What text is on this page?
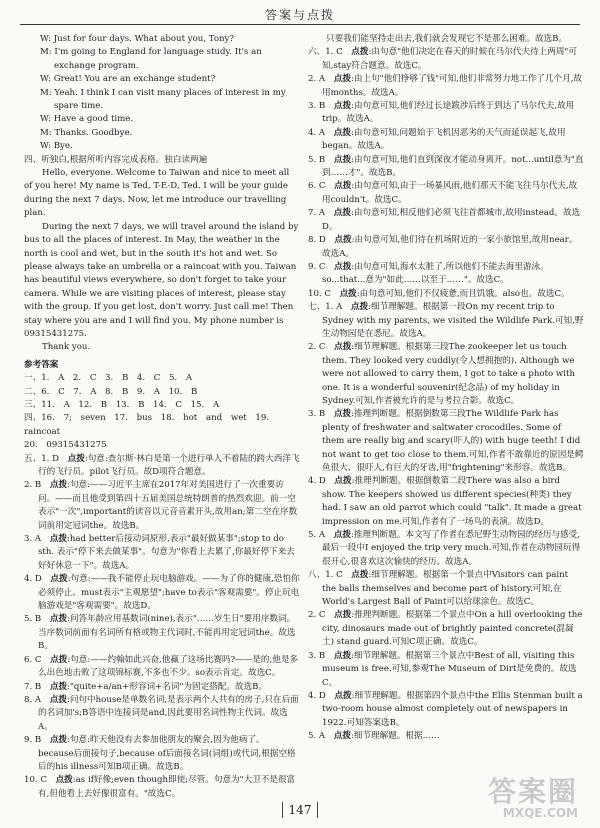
答案与点拨
W: Just for four days. What about you, Tony?
M: I'm going to England for language study. It's an exchange program.
W: Great! You are an exchange student?
M: Yeah. I think I can visit many places of interest in my spare time.
W: Have a good time.
M: Thanks. Goodbye.
W: Bye.
四、听独白,根据所听内容完成表格。独白读两遍
Hello, everyone. Welcome to Taiwan and nice to meet all of you here! My name is Ted, T-E-D, Ted. I will be your guide during the next 7 days. Now, let me introduce our travelling plan.
During the next 7 days, we will travel around the island by bus to all the places of interest. In May, the weather in the north is cool and wet, but in the south it's hot and wet. So please always take an umbrella or a raincoat with you. Taiwan has beautiful views everywhere, so don't forget to take your camera. While we are visiting places of interest, please stay with the group. If you get lost, don't worry. Just call me! Then stay where you are and I will find you. My phone number is 09315431275.
Thank you.
参考答案
一、1. A　2. C　3. B　4. C　5. A
二、6. C　7. A　8. B　9. A　10. B
三、11. A　12. B　13. B　14. C　15. A
四、16. 7; seven　17. bus　18. hot and wet　19. raincoat
20. 09315431275
五、1. D　点拨:句意:查尔斯·林白是第一个进行单人不着陆的跨大西洋飞行的飞行员。pilot飞行员。故D项符合题意。
2. B　点拨:句意:——习近平主席在2017年对美国进行了一次重要访问。——而且他受到第四十五届美国总统特朗普的热烈欢迎。前一空表示"一次",important的读音以元音音素开头,故用an;第二空在序数词前用定冠词the。故选B。
3. A　点拨:had better后接动词原形,表示"最好做某事";stop to do sth. 表示"停下来去做某事"。句意为"你看上去累了,你最好停下来去好好休息一下"。故选A。
4. D　点拨:句意:——我不能停止玩电脑游戏。——为了你的健康,恐怕你必须停止。must表示"主观愿望";have to表示"客观需要"。停止玩电脑游戏是"客观需要"。故选D。
5. B　点拨:问答年龄应用基数词(nine),表示"……岁生日"要用序数词。当序数词前面有名词所有格或物主代词时,不能再用定冠词the。故选B。
6. C　点拨:句意:——约翰如此兴奋,他赢了这场比赛吗?——是的,他是多么出色地击败了这项锦标赛,不多也不少。so表示肯定。故选C。
7. B　点拨:"quite+a/an+形容词+名词"为固定搭配。故选B。
8. A　点拨:问句中house是单数名词,是表示两个人共有的房子,只在后面的名词加's;B答语中连接词是and,因此要用名词性物主代词。故选A。
9. B　点拨:句意:昨天他没有去参加他朋友的聚会,因为他病了。because后面接句子,because of后面接名词(词组)或代词,根据空格后的his illness可知B项正确。故选B。
10. C　点拨:as if好像;even though即使;尽管。句意为"大卫不是很富有,但他看上去好像很富有。"故选C。
只要我们能坚持走出去,我们就会发现它不是那么困难。故选B。
六、1. C　点拨:由句意"他们决定在春天的时候在马尔代夫待上两周"可知,stay符合题意。故选C。
2. A　点拨:由上句"他们挣够了钱"可知,他们非常努力地工作了几个月,故用months。故选A。
3. B　点拨:由句意可知,他们经过长途跋涉后终于到达了马尔代夫,故用trip。故选A。
4. A　点拨:由句意可知,问题始于飞机因恶劣的天气而延误起飞,故用began。故选A。
5. B　点拨:由句意可知,他们直到深夜才能动身离开。not...until意为"直到……才"。故选B。
6. C　点拨:由句意可知,由于一场暴风雨,他们那天不能飞往马尔代夫,故用couldn't。故选C。
7. A　点拨:由句意可知,相反他们必须飞往首都城市,故用instead。故选D。
8. D　点拨:由句意可知,他们待在机场附近的一家小旅馆里,故用near。故选A。
9. C　点拨:由句意可知,海水太脏了,所以他们不能去海里游泳。so...that...意为"如此……以至于……"。故选C。
10. C　点拨:由句意可知,他们不仅疲惫,而且饥饿。also也。故选C。
七、1. A　点拨:细节理解题。根据第一段On my recent trip to Sydney with my parents, we visited the Wildlife Park.可知,野生动物园是在悉尼。故选A。
2. C　点拨:细节理解题。根据第三段The zookeeper let us touch them. They looked very cuddly(令人想拥抱的). Although we were not allowed to carry them, I got to take a photo with one. It is a wonderful souvenir(纪念品) of my holiday in Sydney.可知,作者被允许的是与考拉合影。故选C。
3. B　点拨:推理判断题。根据倒数第三段The Wildlife Park has plenty of freshwater and saltwater crocodiles. Some of them are really big and scary(吓人的) with huge teeth! I did not want to get too close to them.可知,作者不敢靠近的原因是鳄鱼很大、很吓人,有巨大的牙齿,用"frightening"来形容。故选B。
4. D　点拨:推理判断题。根据倒数第二段There was also a bird show. The keepers showed us different species(种类) they had. I saw an old parrot which could "talk". It made a great impression on me.可知,作者有了一场鸟的表演。故选D。
5. A　点拨:推理判断题。本文写了作者在悉尼野生动物园的经历与感受,最后一段中I enjoyed the trip very much.可知,作者在动物园玩得很开心,很喜欢这次愉快的经历。故选A。
八、1. C　点拨:细节理解题。根据第一个景点中Visitors can paint the balls themselves and become part of history.可知,在World's Largest Ball of Paint可以给球涂色。故选C。
2. C　点拨:推理判断题。根据第二个景点中On a hill overlooking the city, dinosaurs made out of brightly painted concrete(混凝土) stand guard.可知C项正确。故选C。
3. B　点拨:细节理解题。根据第三个景点中Best of all, visiting this museum is free.可知,参观The Museum of Dirt是免费的。故选C。
4. D　点拨:细节理解题。根据第四个景点中the Ellis Stenman built a two-room house almost completely out of newspapers in 1922.可知答案选B。
5. A　点拨:细节理解题。根据……
147
答案圈
MXQE.COM
